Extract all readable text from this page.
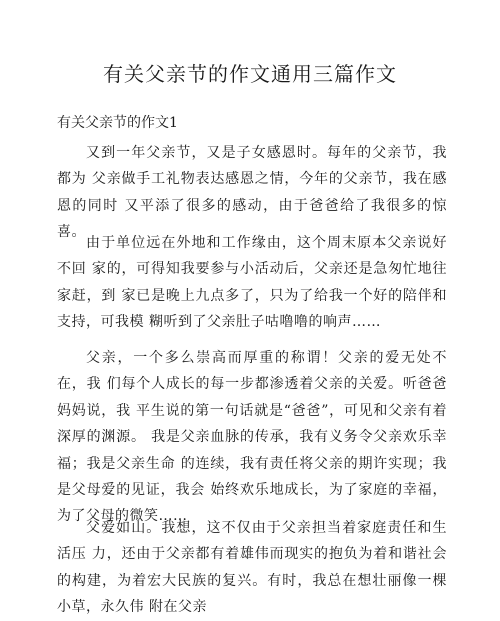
有关父亲节的作文通用三篇作文
有关父亲节的作文1

又到一年父亲节，又是子女感恩时。每年的父亲节，我都为 父亲做手工礼物表达感恩之情，今年的父亲节，我在感恩的同时 又平添了很多的感动，由于爸爸给了我很多的惊喜。

由于单位远在外地和工作缘由，这个周末原本父亲说好不回 家的，可得知我要参与小活动后，父亲还是急匆忙地往家赶，到 家已是晚上九点多了，只为了给我一个好的陪伴和支持，可我模 糊听到了父亲肚子咕噜噜的响声……

父亲，一个多么崇高而厚重的称谓！父亲的爱无处不在，我 们每个人成长的每一步都渗透着父亲的关爱。听爸爸妈妈说，我 平生说的第一句话就是“爸爸”，可见和父亲有着深厚的渊源。 我是父亲血脉的传承，我有义务令父亲欢乐幸福；我是父亲生命 的连续，我有责任将父亲的期许实现；我是父母爱的见证，我会 始终欢乐地成长，为了家庭的幸福，为了父母的微笑……

父爱如山。我想，这不仅由于父亲担当着家庭责任和生活压 力，还由于父亲都有着雄伟而现实的抱负为着和谐社会的构建，为着宏大民族的复兴。有时，我总在想壮丽像一棵小草，永久伟 附在父亲
